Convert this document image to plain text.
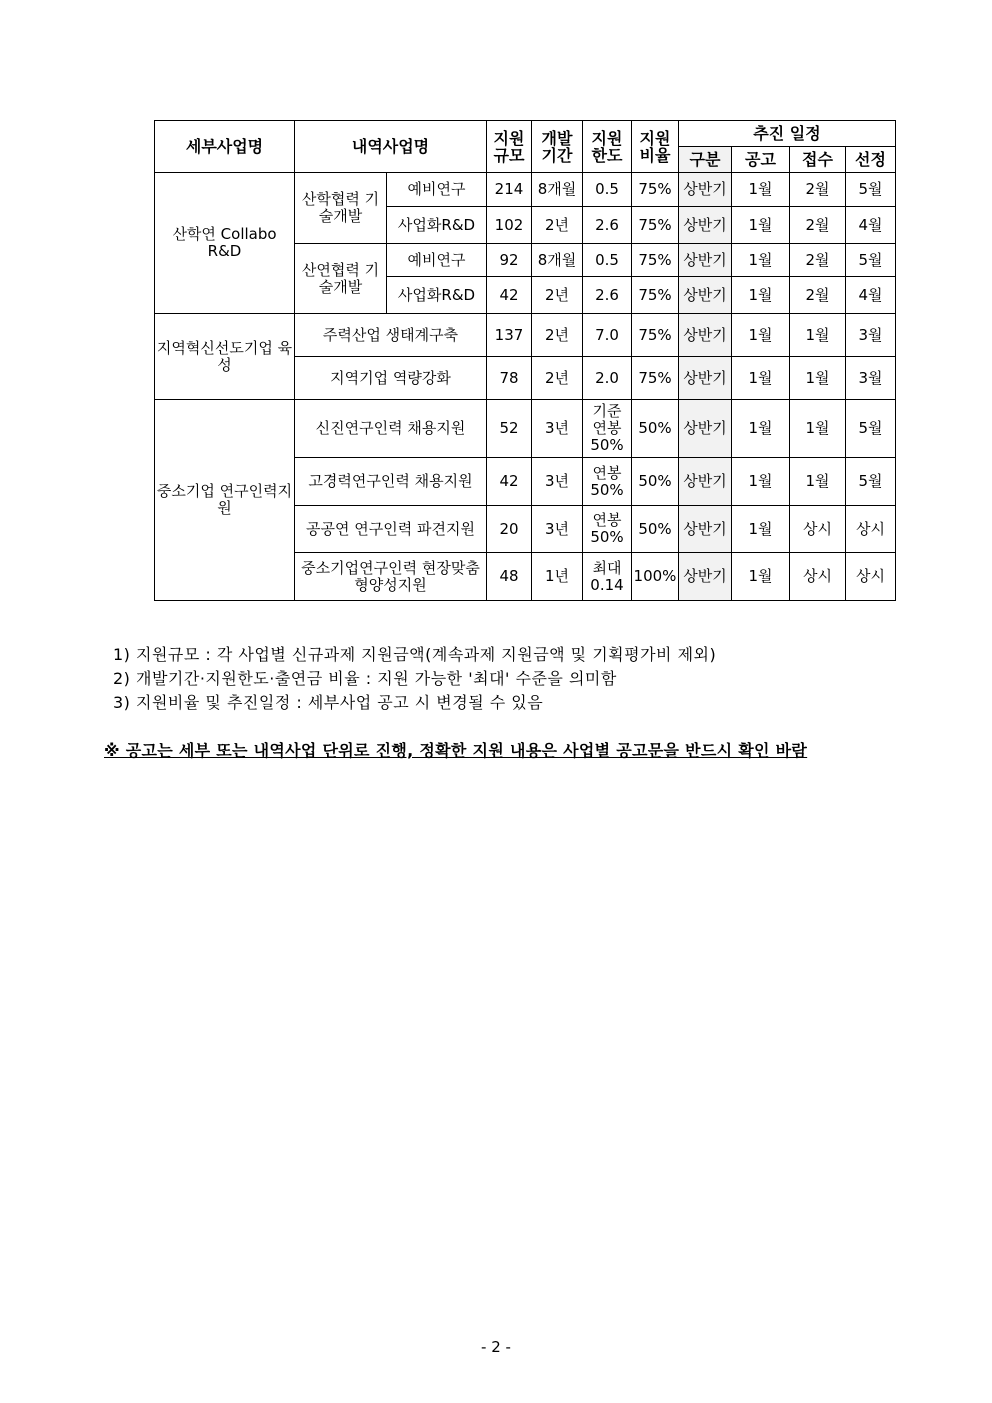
세부사업명	내역사업명		지원 규모	개발 기간	지원 한도	지원 비율	추진 일정			
							구분	공고	접수	선정
산학연 Collabo R&D	산학협력 기술개발	예비연구	214	8개월	0.5	75%	상반기	1월	2월	5월
		사업화R&D	102	2년	2.6	75%	상반기	1월	2월	4월
	산연협력 기술개발	예비연구	92	8개월	0.5	75%	상반기	1월	2월	5월
		사업화R&D	42	2년	2.6	75%	상반기	1월	2월	4월
지역혁신선도기업 육성	주력산업 생태계구축		137	2년	7.0	75%	상반기	1월	1월	3월
	지역기업 역량강화		78	2년	2.0	75%	상반기	1월	1월	3월
중소기업 연구인력지원	신진연구인력 채용지원		52	3년	기준 연봉 50%	50%	상반기	1월	1월	5월
	고경력연구인력 채용지원		42	3년	연봉 50%	50%	상반기	1월	1월	5월
	공공연 연구인력 파견지원		20	3년	연봉 50%	50%	상반기	1월	상시	상시
	중소기업연구인력 현장맞춤형양성지원		48	1년	최대 0.14	100%	상반기	1월	상시	상시
1) 지원규모 : 각 사업별 신규과제 지원금액(계속과제 지원금액 및 기획평가비 제외)
2) 개발기간·지원한도·출연금 비율 : 지원 가능한 '최대' 수준을 의미함
3) 지원비율 및 추진일정 : 세부사업 공고 시 변경될 수 있음
※ 공고는 세부 또는 내역사업 단위로 진행, 정확한 지원 내용은 사업별 공고문을 반드시 확인 바람
- 2 -
